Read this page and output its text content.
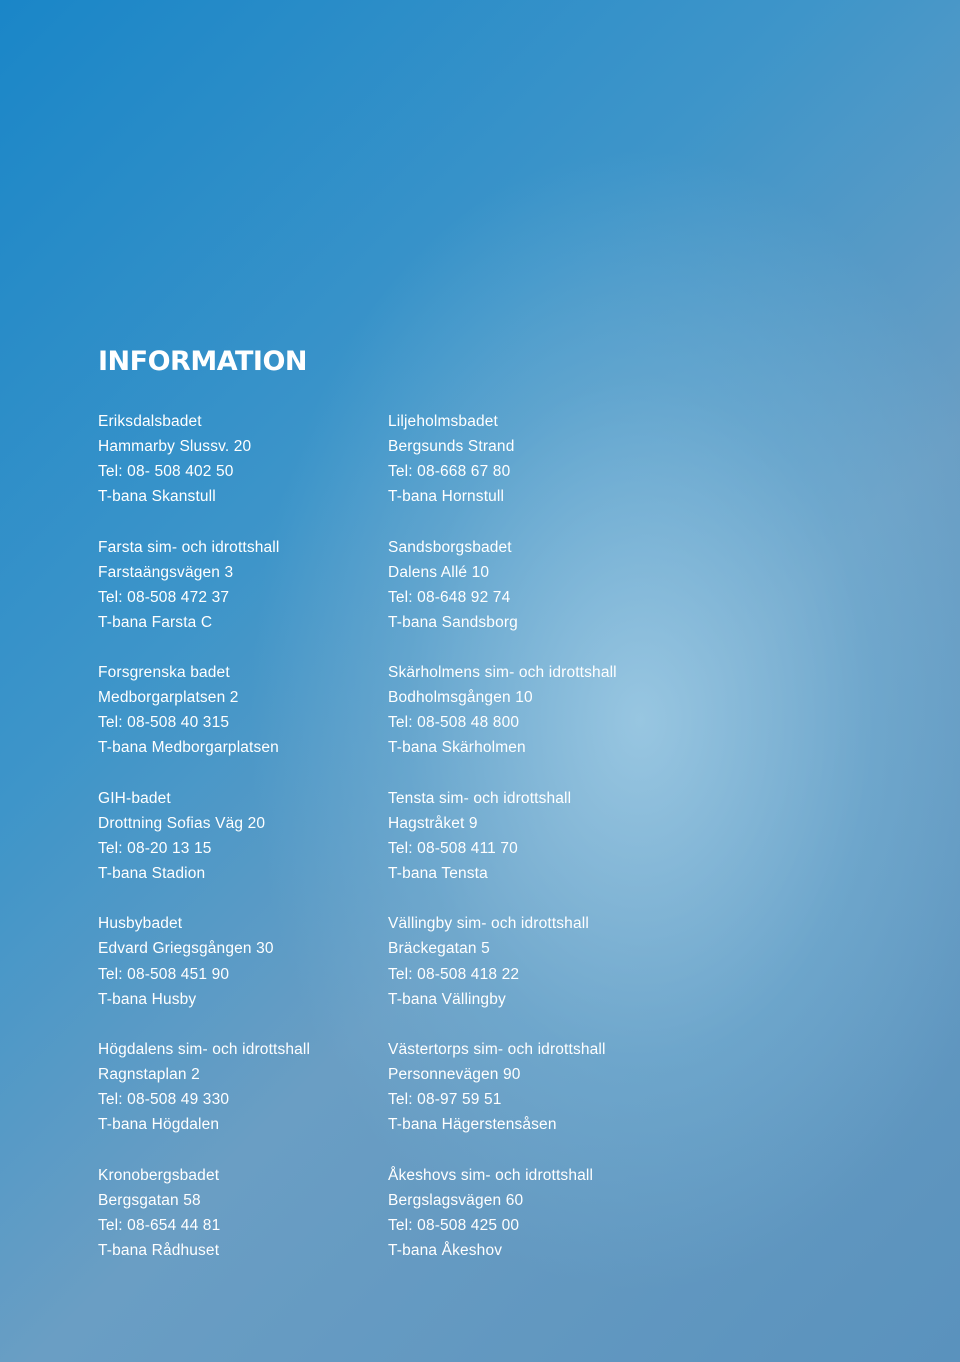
INFORMATION
Eriksdalsbadet
Hammarby Slussv. 20
Tel: 08- 508 402 50
T-bana Skanstull
Farsta sim- och idrottshall
Farstaängsvägen 3
Tel: 08-508 472 37
T-bana Farsta C
Forsgrenska badet
Medborgarplatsen 2
Tel: 08-508 40 315
T-bana Medborgarplatsen
GIH-badet
Drottning Sofias Väg 20
Tel: 08-20 13 15
T-bana Stadion
Husbybadet
Edvard Griegsgången 30
Tel: 08-508 451 90
T-bana Husby
Högdalens sim- och idrottshall
Ragnstaplan 2
Tel: 08-508 49 330
T-bana Högdalen
Kronobergsbadet
Bergsgatan 58
Tel: 08-654 44 81
T-bana Rådhuset
Liljeholmsbadet
Bergsunds Strand
Tel: 08-668 67 80
T-bana Hornstull
Sandsborgsbadet
Dalens Allé 10
Tel: 08-648 92 74
T-bana Sandsborg
Skärholmens sim- och idrottshall
Bodholmsgången 10
Tel: 08-508 48 800
T-bana Skärholmen
Tensta sim- och idrottshall
Hagstråket 9
Tel: 08-508 411 70
T-bana Tensta
Vällingby sim- och idrottshall
Bräckegatan 5
Tel: 08-508 418 22
T-bana Vällingby
Västertorps sim- och idrottshall
Personnevägen 90
Tel: 08-97 59 51
T-bana Hägerstensåsen
Åkeshovs sim- och idrottshall
Bergslagsvägen 60
Tel: 08-508 425 00
T-bana Åkeshov
